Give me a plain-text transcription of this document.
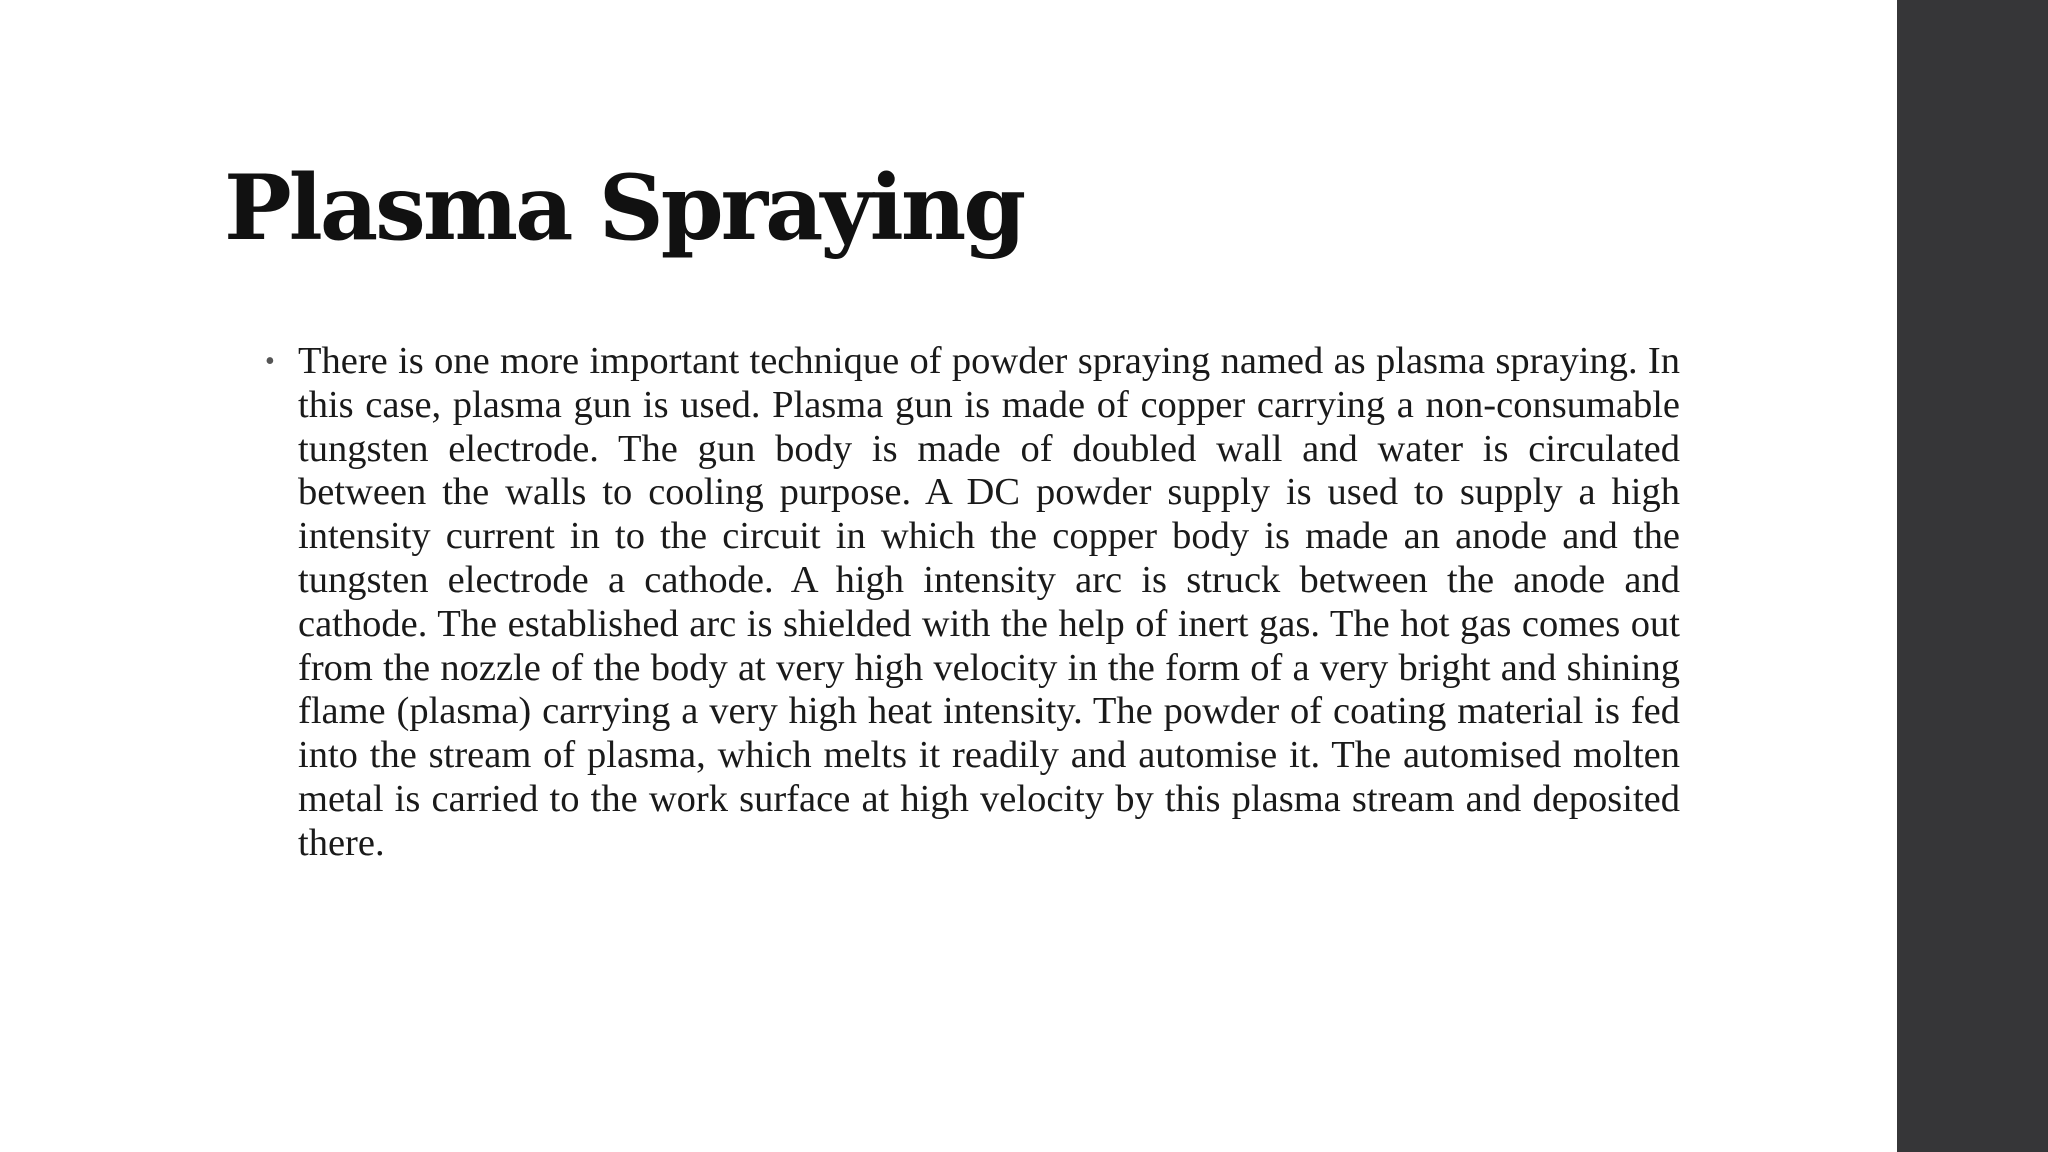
Plasma Spraying
• There is one more important technique of powder spraying named as plasma spraying. In this case, plasma gun is used. Plasma gun is made of copper carrying a non-consumable tungsten electrode. The gun body is made of doubled wall and water is circulated between the walls to cooling purpose. A DC powder supply is used to supply a high intensity current in to the circuit in which the copper body is made an anode and the tungsten electrode a cathode. A high intensity arc is struck between the anode and cathode. The established arc is shielded with the help of inert gas. The hot gas comes out from the nozzle of the body at very high velocity in the form of a very bright and shining flame (plasma) carrying a very high heat intensity. The powder of coating material is fed into the stream of plasma, which melts it readily and automise it. The automised molten metal is carried to the work surface at high velocity by this plasma stream and deposited there.
